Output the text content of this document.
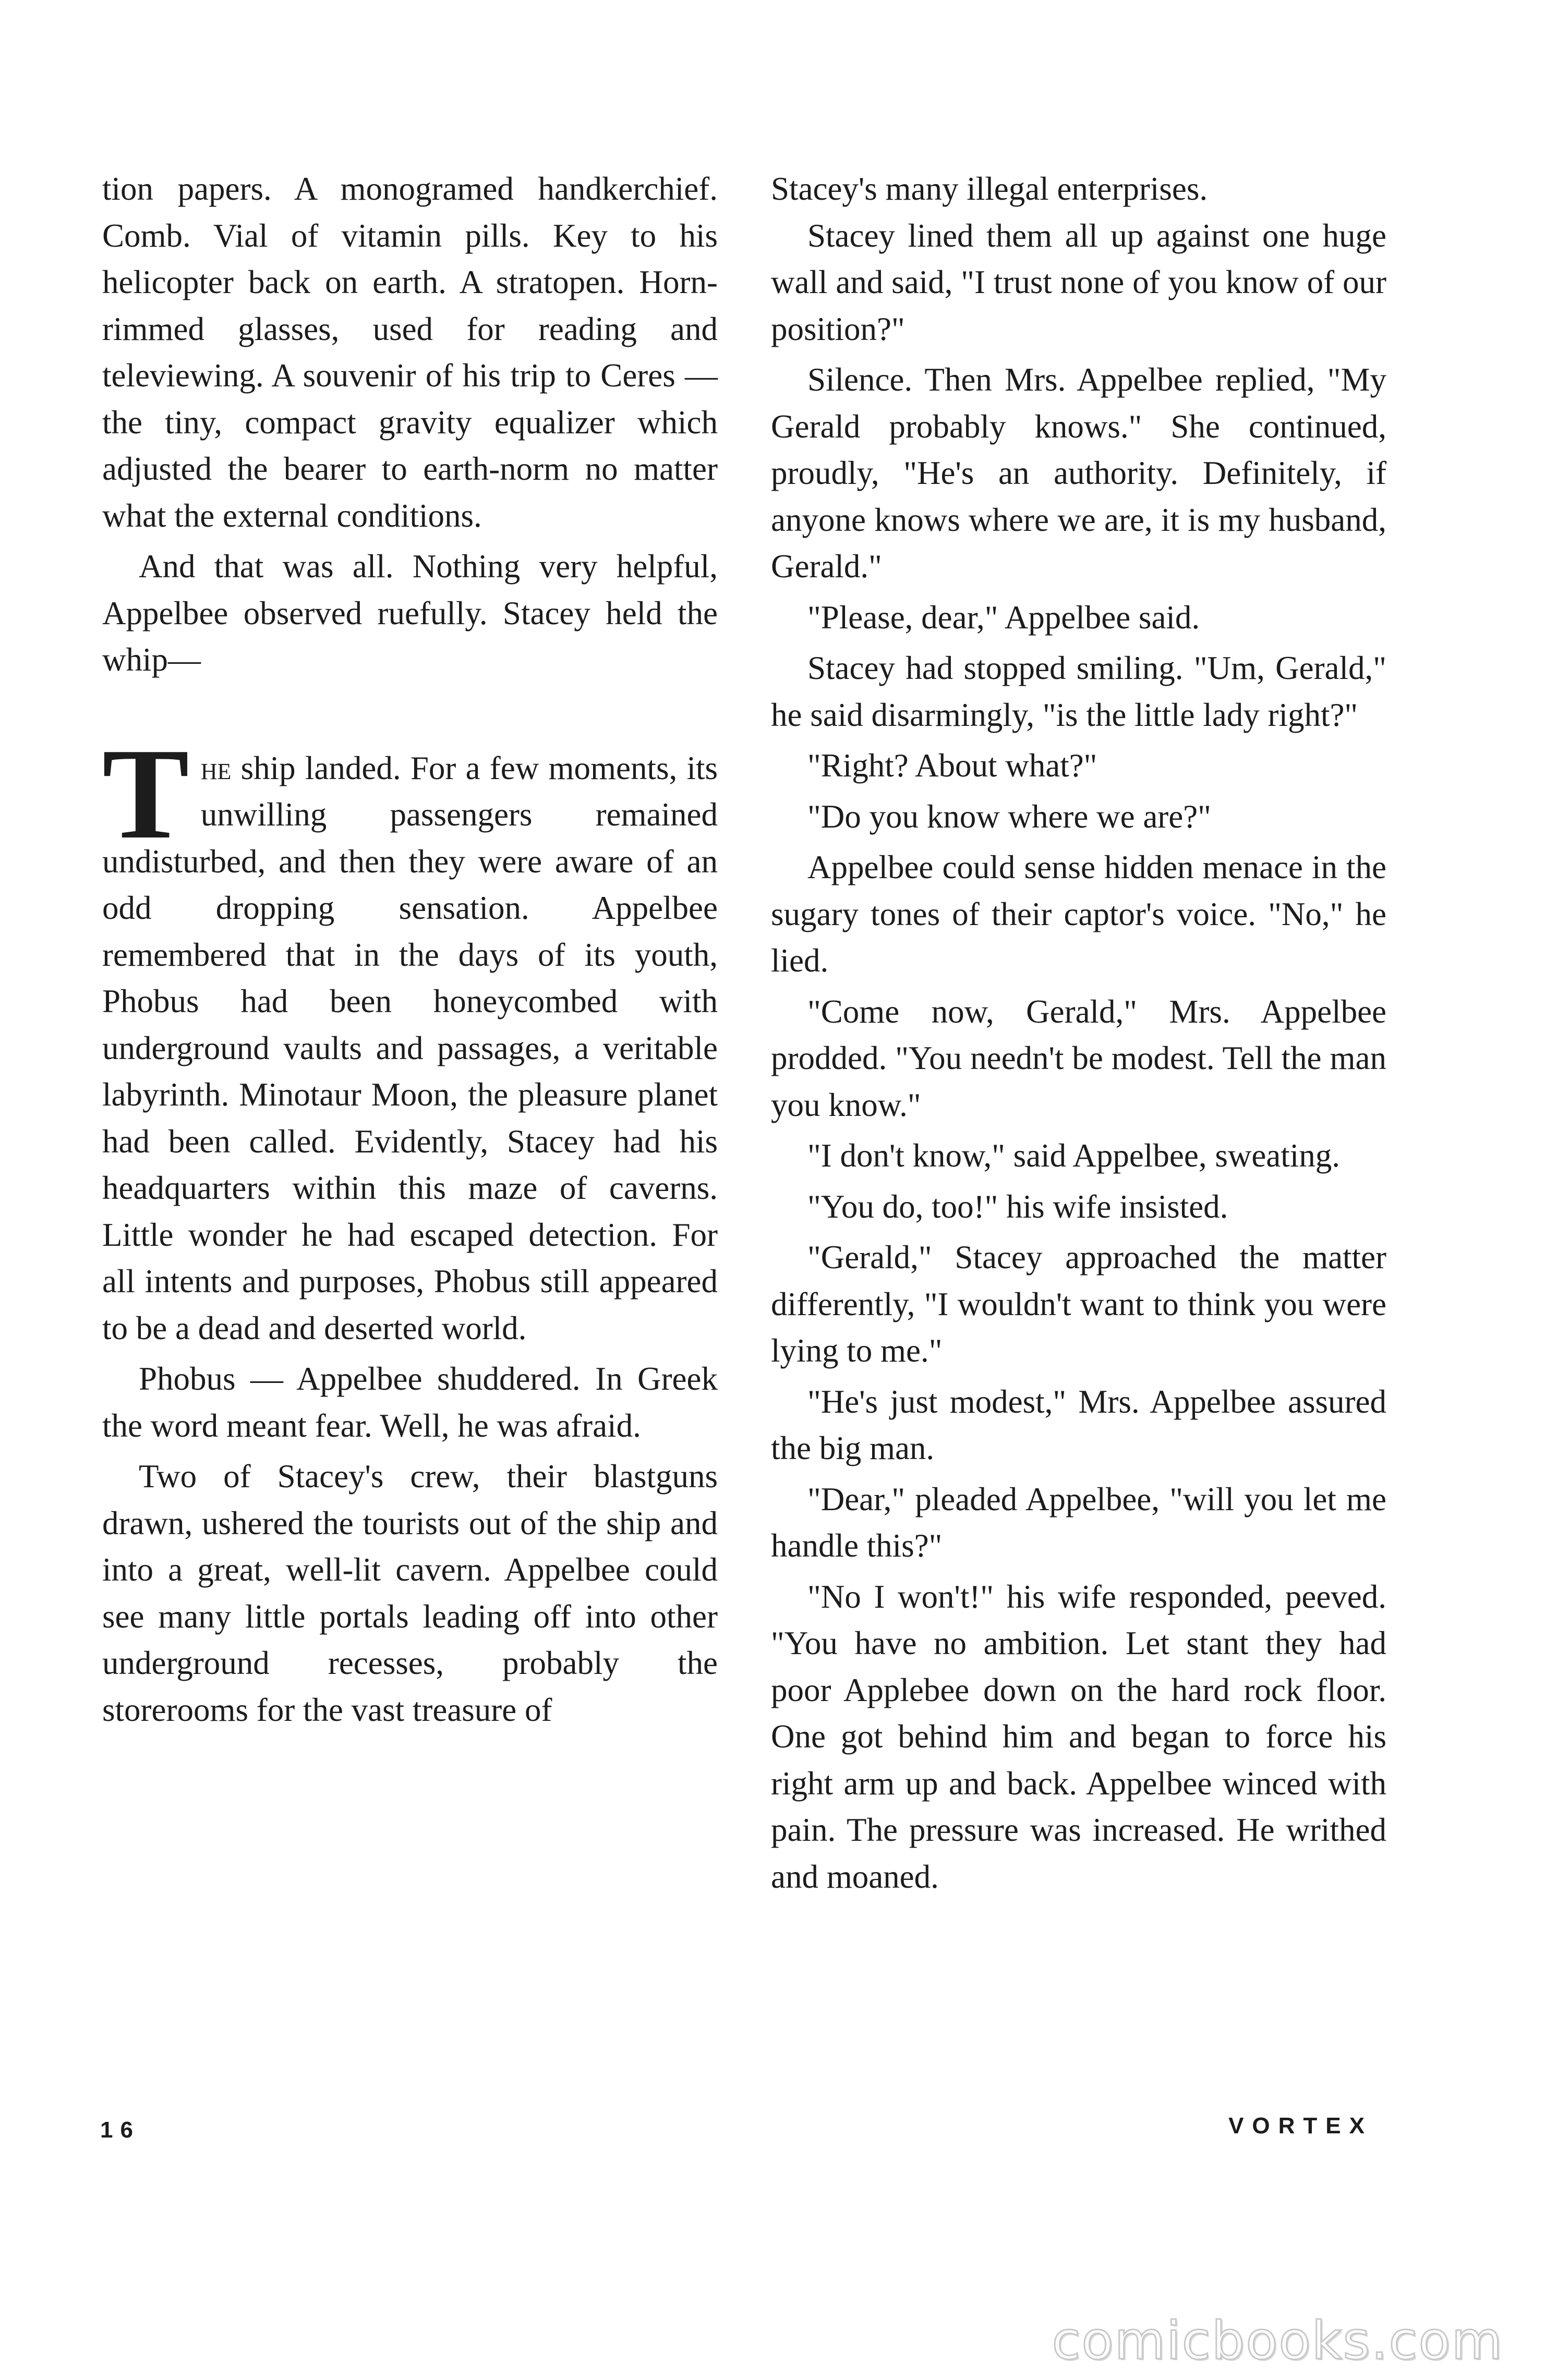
tion papers. A monogramed handkerchief. Comb. Vial of vitamin pills. Key to his helicopter back on earth. A stratopen. Horn-rimmed glasses, used for reading and televiewing. A souvenir of his trip to Ceres — the tiny, compact gravity equalizer which adjusted the bearer to earth-norm no matter what the external conditions.

And that was all. Nothing very helpful, Appelbee observed ruefully. Stacey held the whip—

The ship landed. For a few moments, its unwilling passengers remained undisturbed, and then they were aware of an odd dropping sensation. Appelbee remembered that in the days of its youth, Phobus had been honeycombed with underground vaults and passages, a veritable labyrinth. Minotaur Moon, the pleasure planet had been called. Evidently, Stacey had his headquarters within this maze of caverns. Little wonder he had escaped detection. For all intents and purposes, Phobus still appeared to be a dead and deserted world.

Phobus — Appelbee shuddered. In Greek the word meant fear. Well, he was afraid.

Two of Stacey's crew, their blastguns drawn, ushered the tourists out of the ship and into a great, well-lit cavern. Appelbee could see many little portals leading off into other underground recesses, probably the storerooms for the vast treasure of

Stacey's many illegal enterprises.

Stacey lined them all up against one huge wall and said, "I trust none of you know of our position?"

Silence. Then Mrs. Appelbee replied, "My Gerald probably knows." She continued, proudly, "He's an authority. Definitely, if anyone knows where we are, it is my husband, Gerald."

"Please, dear," Appelbee said.

Stacey had stopped smiling. "Um, Gerald," he said disarmingly, "is the little lady right?"

"Right? About what?"

"Do you know where we are?"

Appelbee could sense hidden menace in the sugary tones of their captor's voice. "No," he lied.

"Come now, Gerald," Mrs. Appelbee prodded. "You needn't be modest. Tell the man you know."

"I don't know," said Appelbee, sweating.

"You do, too!" his wife insisted.

"Gerald," Stacey approached the matter differently, "I wouldn't want to think you were lying to me."

"He's just modest," Mrs. Appelbee assured the big man.

"Dear," pleaded Appelbee, "will you let me handle this?"

"No I won't!" his wife responded, peeved. "You have no ambition. Let stant they had poor Applebee down on the hard rock floor. One got behind him and began to force his right arm up and back. Appelbee winced with pain. The pressure was increased. He writhed and moaned.

16	VORTEX
comicbooks.com
